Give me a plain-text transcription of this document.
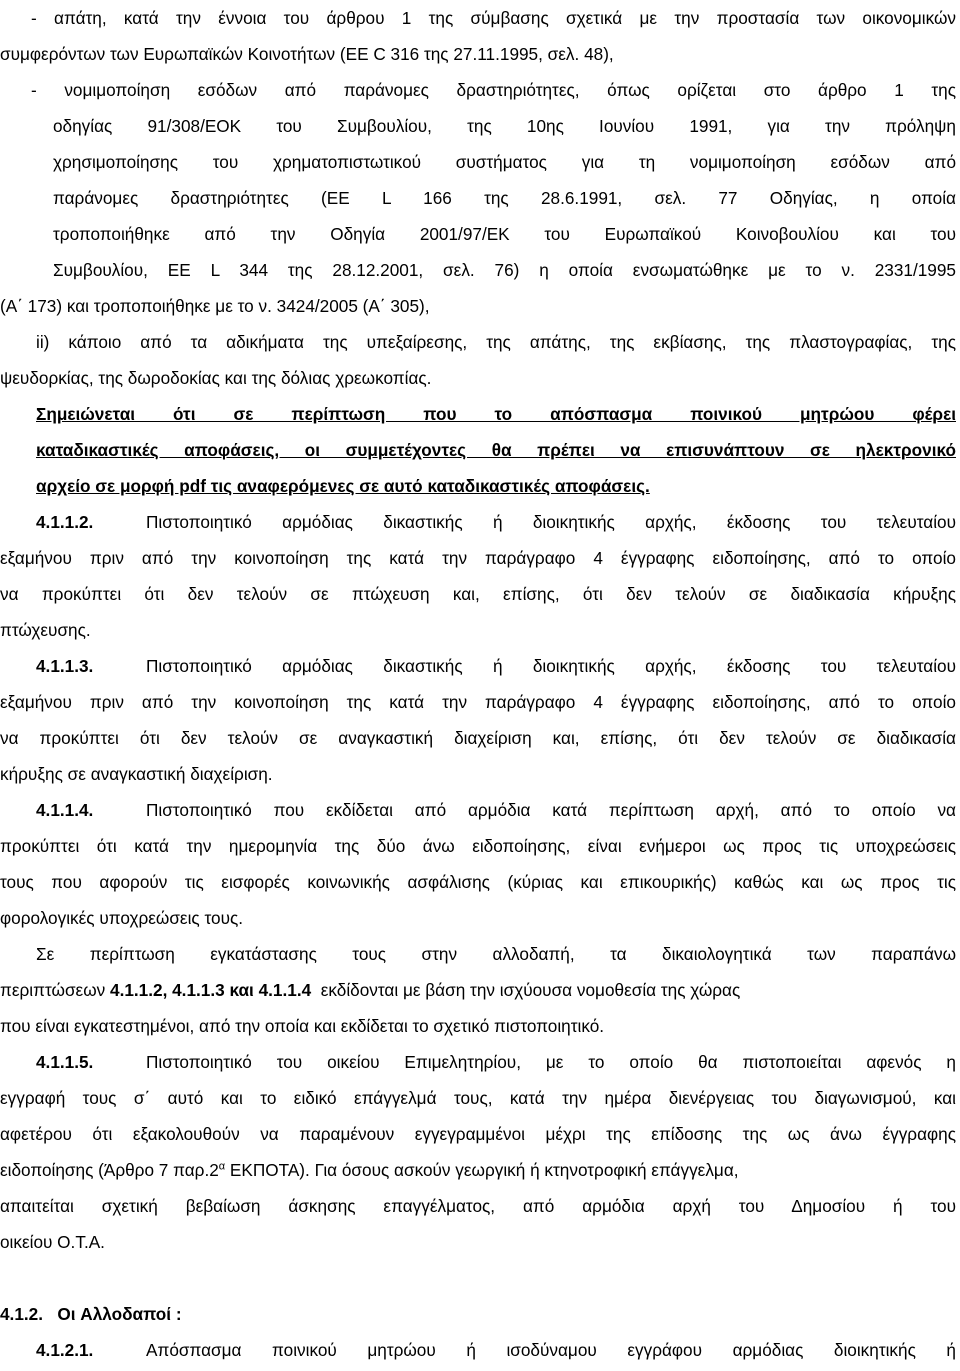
- απάτη, κατά την έννοια του άρθρου 1 της σύμβασης σχετικά με την προστασία των οικονομικών
συμφερόντων των Ευρωπαϊκών Κοινοτήτων (ΕΕ C 316 της 27.11.1995, σελ. 48),
- νομιμοποίηση εσόδων από παράνομες δραστηριότητες, όπως ορίζεται στο άρθρο 1 της
οδηγίας 91/308/ΕΟΚ του Συμβουλίου, της 10ης Ιουνίου 1991, για την πρόληψη
χρησιμοποίησης του χρηματοπιστωτικού συστήματος για τη νομιμοποίηση εσόδων από
παράνομες δραστηριότητες (ΕΕ L 166 της 28.6.1991, σελ. 77 Οδηγίας, η οποία
τροποποιήθηκε από την Οδηγία 2001/97/ΕΚ του Ευρωπαϊκού Κοινοβουλίου και του
Συμβουλίου, ΕΕ L 344 της 28.12.2001, σελ. 76) η οποία ενσωματώθηκε με το ν. 2331/1995
(Α΄ 173) και τροποποιήθηκε με το ν. 3424/2005 (Α΄ 305),
ii) κάποιο από τα αδικήματα της υπεξαίρεσης, της απάτης, της εκβίασης, της πλαστογραφίας, της
ψευδορκίας, της δωροδοκίας και της δόλιας χρεωκοπίας.
Σημειώνεται ότι σε περίπτωση που το απόσπασμα ποινικού μητρώου φέρει
καταδικαστικές αποφάσεις, οι συμμετέχοντες θα πρέπει να επισυνάπτουν σε ηλεκτρονικό
αρχείο σε μορφή pdf τις αναφερόμενες σε αυτό καταδικαστικές αποφάσεις.
4.1.1.2.	Πιστοποιητικό αρμόδιας δικαστικής ή διοικητικής αρχής, έκδοσης του τελευταίου
εξαμήνου πριν από την κοινοποίηση της κατά την παράγραφο 4 έγγραφης ειδοποίησης, από το οποίο
να προκύπτει ότι δεν τελούν σε πτώχευση και, επίσης, ότι δεν τελούν σε διαδικασία κήρυξης
πτώχευσης.
4.1.1.3.	Πιστοποιητικό αρμόδιας δικαστικής ή διοικητικής αρχής, έκδοσης του τελευταίου
εξαμήνου πριν από την κοινοποίηση της κατά την παράγραφο 4 έγγραφης ειδοποίησης, από το οποίο
να προκύπτει ότι δεν τελούν σε αναγκαστική διαχείριση και, επίσης, ότι δεν τελούν σε διαδικασία
κήρυξης σε αναγκαστική διαχείριση.
4.1.1.4.	Πιστοποιητικό που εκδίδεται από αρμόδια κατά περίπτωση αρχή, από το οποίο να
προκύπτει ότι κατά την ημερομηνία της δύο άνω ειδοποίησης, είναι ενήμεροι ως προς τις υποχρεώσεις
τους που αφορούν τις εισφορές κοινωνικής ασφάλισης (κύριας και επικουρικής) καθώς και ως προς τις
φορολογικές υποχρεώσεις τους.
Σε περίπτωση εγκατάστασης τους στην αλλοδαπή, τα δικαιολογητικά των παραπάνω
περιπτώσεων 4.1.1.2, 4.1.1.3 και 4.1.1.4 εκδίδονται με βάση την ισχύουσα νομοθεσία της χώρας
που είναι εγκατεστημένοι, από την οποία και εκδίδεται το σχετικό πιστοποιητικό.
4.1.1.5.	Πιστοποιητικό του οικείου Επιμελητηρίου, με το οποίο θα πιστοποιείται αφενός η
εγγραφή τους σ΄ αυτό και το ειδικό επάγγελμά τους, κατά την ημέρα διενέργειας του διαγωνισμού, και
αφετέρου ότι εξακολουθούν να παραμένουν εγγεγραμμένοι μέχρι της επίδοσης της ως άνω έγγραφης
ειδοποίησης (Άρθρο 7 $\pi\alpha\rho.2^\alpha$ ΕΚΠΟΤΑ). Για όσους ασκούν γεωργική ή κτηνοτροφική επάγγελμα,
απαιτείται σχετική βεβαίωση άσκησης επαγγέλματος, από αρμόδια αρχή του Δημοσίου ή του
οικείου Ο.Τ.Α.
4.1.2. Οι Αλλοδαποί :
4.1.2.1.	Απόσπασμα ποινικού μητρώου ή ισοδύναμου εγγράφου αρμόδιας διοικητικής ή
